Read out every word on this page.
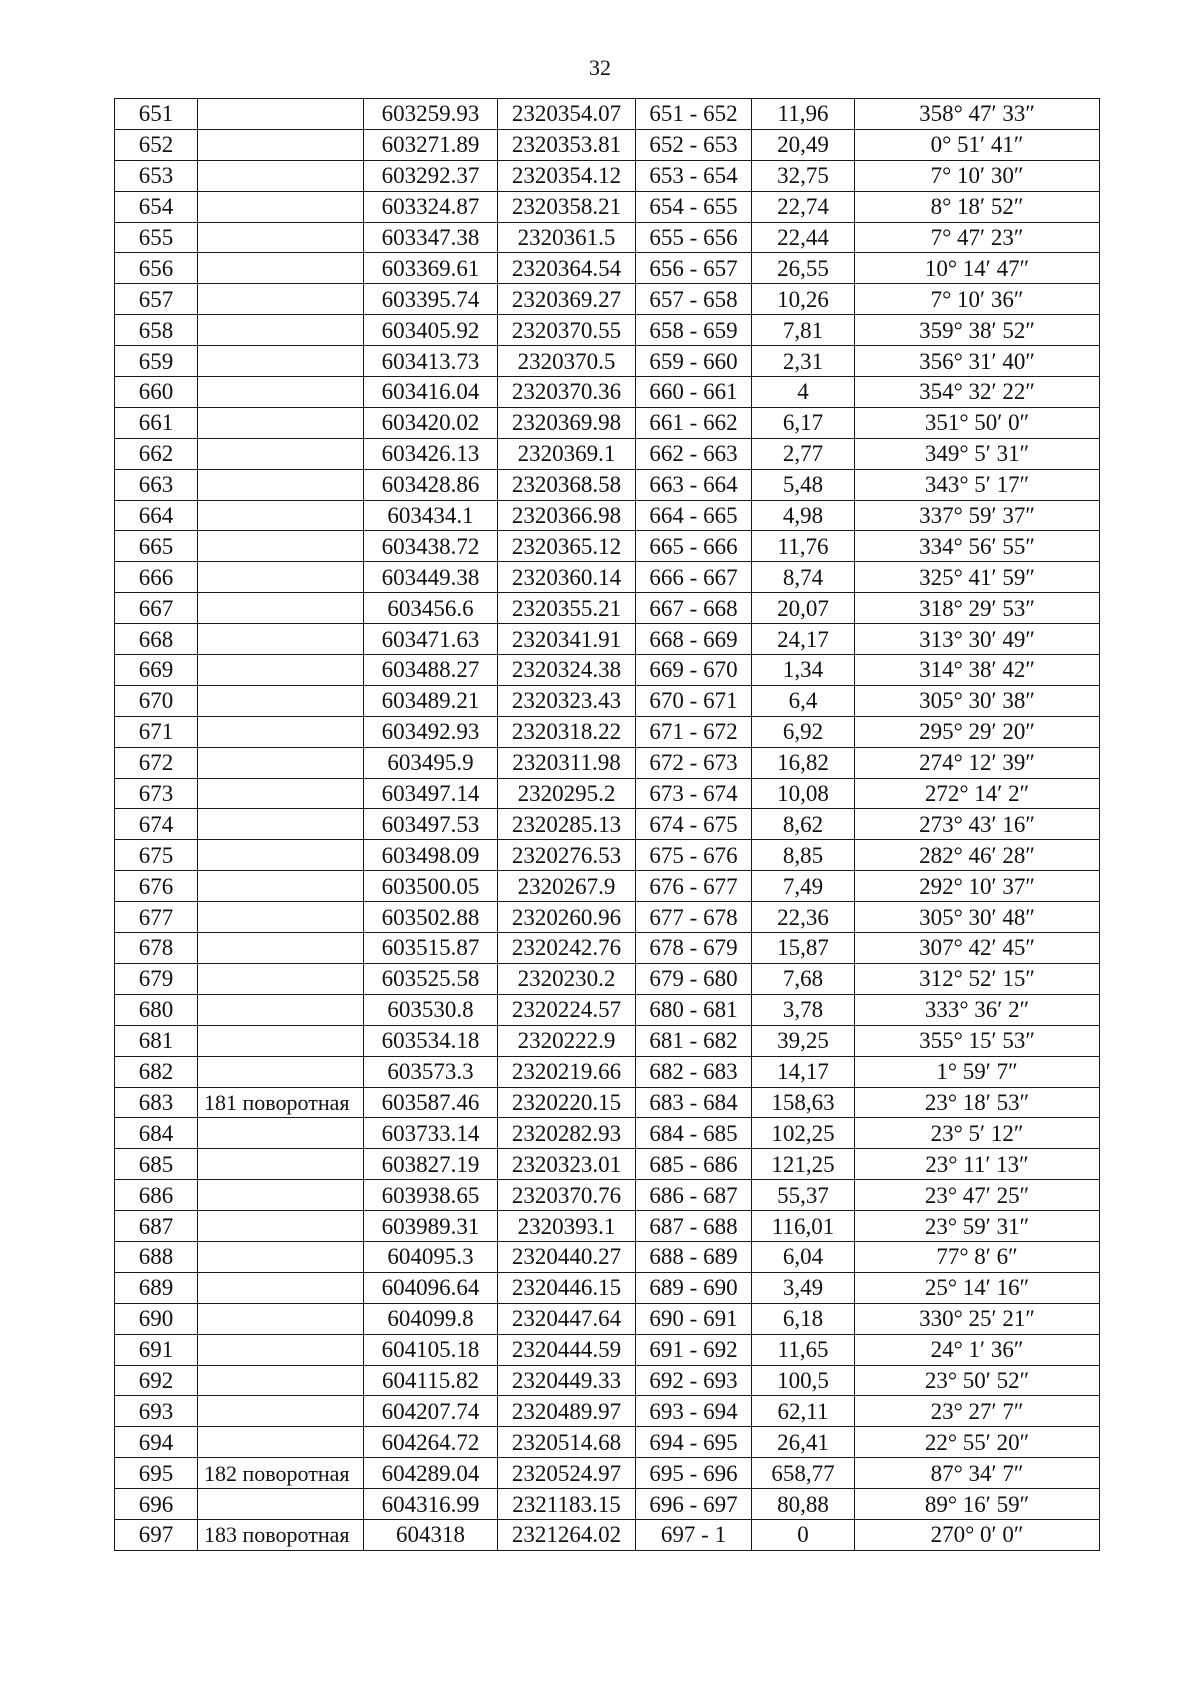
32
651		603259.93	2320354.07	651 - 652	11,96	358° 47′ 33″
652		603271.89	2320353.81	652 - 653	20,49	0° 51′ 41″
653		603292.37	2320354.12	653 - 654	32,75	7° 10′ 30″
654		603324.87	2320358.21	654 - 655	22,74	8° 18′ 52″
655		603347.38	2320361.5	655 - 656	22,44	7° 47′ 23″
656		603369.61	2320364.54	656 - 657	26,55	10° 14′ 47″
657		603395.74	2320369.27	657 - 658	10,26	7° 10′ 36″
658		603405.92	2320370.55	658 - 659	7,81	359° 38′ 52″
659		603413.73	2320370.5	659 - 660	2,31	356° 31′ 40″
660		603416.04	2320370.36	660 - 661	4	354° 32′ 22″
661		603420.02	2320369.98	661 - 662	6,17	351° 50′ 0″
662		603426.13	2320369.1	662 - 663	2,77	349° 5′ 31″
663		603428.86	2320368.58	663 - 664	5,48	343° 5′ 17″
664		603434.1	2320366.98	664 - 665	4,98	337° 59′ 37″
665		603438.72	2320365.12	665 - 666	11,76	334° 56′ 55″
666		603449.38	2320360.14	666 - 667	8,74	325° 41′ 59″
667		603456.6	2320355.21	667 - 668	20,07	318° 29′ 53″
668		603471.63	2320341.91	668 - 669	24,17	313° 30′ 49″
669		603488.27	2320324.38	669 - 670	1,34	314° 38′ 42″
670		603489.21	2320323.43	670 - 671	6,4	305° 30′ 38″
671		603492.93	2320318.22	671 - 672	6,92	295° 29′ 20″
672		603495.9	2320311.98	672 - 673	16,82	274° 12′ 39″
673		603497.14	2320295.2	673 - 674	10,08	272° 14′ 2″
674		603497.53	2320285.13	674 - 675	8,62	273° 43′ 16″
675		603498.09	2320276.53	675 - 676	8,85	282° 46′ 28″
676		603500.05	2320267.9	676 - 677	7,49	292° 10′ 37″
677		603502.88	2320260.96	677 - 678	22,36	305° 30′ 48″
678		603515.87	2320242.76	678 - 679	15,87	307° 42′ 45″
679		603525.58	2320230.2	679 - 680	7,68	312° 52′ 15″
680		603530.8	2320224.57	680 - 681	3,78	333° 36′ 2″
681		603534.18	2320222.9	681 - 682	39,25	355° 15′ 53″
682		603573.3	2320219.66	682 - 683	14,17	1° 59′ 7″
683	181 поворотная	603587.46	2320220.15	683 - 684	158,63	23° 18′ 53″
684		603733.14	2320282.93	684 - 685	102,25	23° 5′ 12″
685		603827.19	2320323.01	685 - 686	121,25	23° 11′ 13″
686		603938.65	2320370.76	686 - 687	55,37	23° 47′ 25″
687		603989.31	2320393.1	687 - 688	116,01	23° 59′ 31″
688		604095.3	2320440.27	688 - 689	6,04	77° 8′ 6″
689		604096.64	2320446.15	689 - 690	3,49	25° 14′ 16″
690		604099.8	2320447.64	690 - 691	6,18	330° 25′ 21″
691		604105.18	2320444.59	691 - 692	11,65	24° 1′ 36″
692		604115.82	2320449.33	692 - 693	100,5	23° 50′ 52″
693		604207.74	2320489.97	693 - 694	62,11	23° 27′ 7″
694		604264.72	2320514.68	694 - 695	26,41	22° 55′ 20″
695	182 поворотная	604289.04	2320524.97	695 - 696	658,77	87° 34′ 7″
696		604316.99	2321183.15	696 - 697	80,88	89° 16′ 59″
697	183 поворотная	604318	2321264.02	697 - 1	0	270° 0′ 0″
